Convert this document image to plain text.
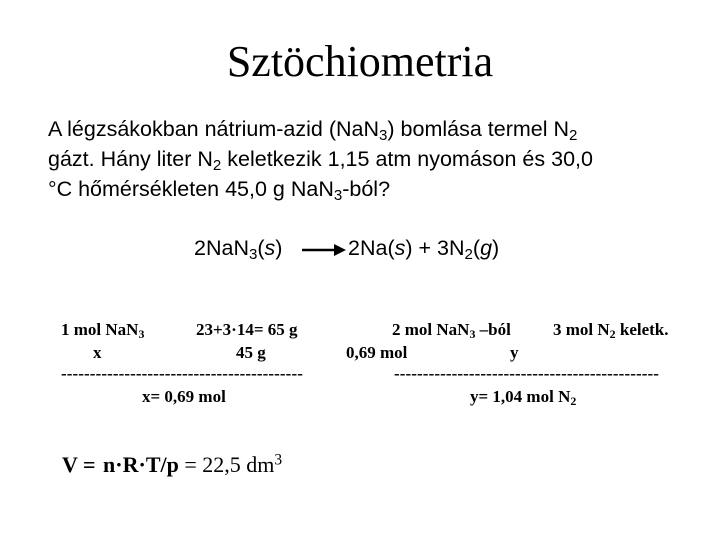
Sztöchiometria
A légzsákokban nátrium-azid (NaN$_3$) bomlása termel $N_2$
gázt. Hány liter $N_2$ keletkezik 1,15 atm nyomáson és 30,0
°C hőmérsékleten 45,0 g NaN$_3$-ból?
$2NaN_3(s) \to 2Na(s) + 3N_2(g)$
1 mol NaN$_3$	23+3·14= 65 g
x	45 g
------------------------------------------
x= 0,69 mol
2 mol NaN$_3$ –ból 3 mol $N_2$ keletk.
0,69 mol	y
----------------------------------------------
y= 1,04 mol $N_2$
V = n·R·T/p = 22,5 $dm^3$
